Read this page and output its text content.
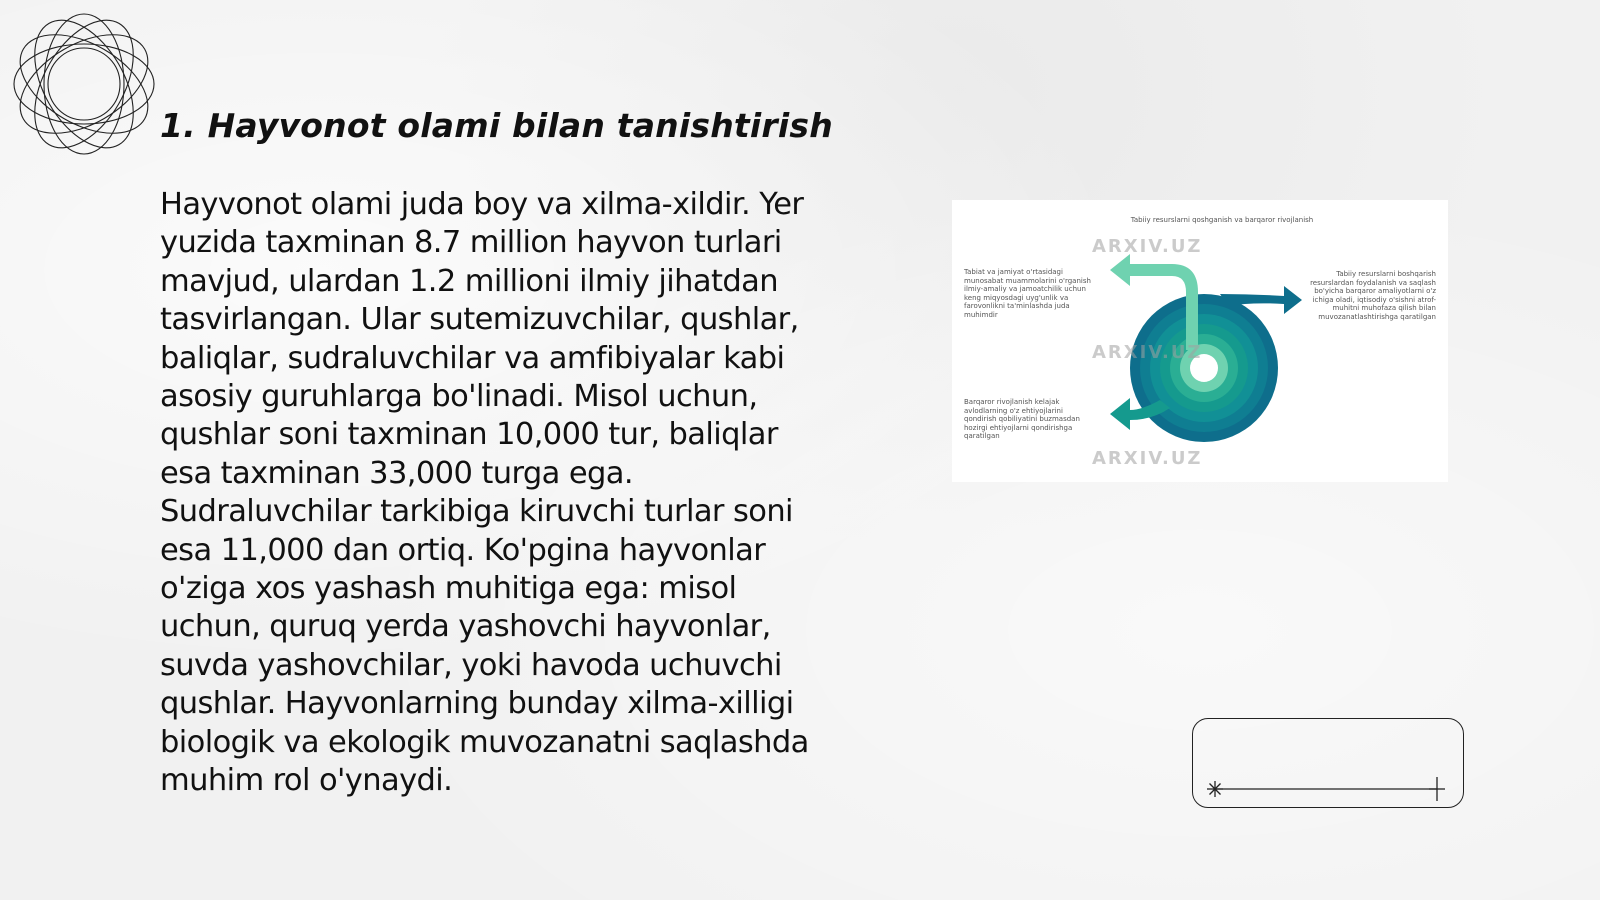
1. Hayvonot olami bilan tanishtirish
Hayvonot olami juda boy va xilma-xildir. Yer
yuzida taxminan 8.7 million hayvon turlari
mavjud, ulardan 1.2 millioni ilmiy jihatdan
tasvirlangan. Ular sutemizuvchilar, qushlar,
baliqlar, sudraluvchilar va amfibiyalar kabi
asosiy guruhlarga bo'linadi. Misol uchun,
qushlar soni taxminan 10,000 tur, baliqlar
esa taxminan 33,000 turga ega.
Sudraluvchilar tarkibiga kiruvchi turlar soni
esa 11,000 dan ortiq. Ko'pgina hayvonlar
o'ziga xos yashash muhitiga ega: misol
uchun, quruq yerda yashovchi hayvonlar,
suvda yashovchilar, yoki havoda uchuvchi
qushlar. Hayvonlarning bunday xilma-xilligi
biologik va ekologik muvozanatni saqlashda
muhim rol o'ynaydi.
Tabiiy resurslarni qoshganish va barqaror rivojlanish
Tabiat va jamiyat o'rtasidagi munosabat muammolarini o'rganish ilmiy-amaliy va jamoatchilik uchun keng miqyosdagi uyg'unlik va farovonlikni ta'minlashda juda muhimdir
Tabiiy resurslarni boshqarish resurslardan foydalanish va saqlash bo'yicha barqaror amaliyotlarni o'z ichiga oladi, iqtisodiy o'sishni atrof-muhitni muhofaza qilish bilan muvozanatlashtirishga qaratilgan
Barqaror rivojlanish kelajak avlodlarning o'z ehtiyojlarini qondirish qobiliyatini buzmasdan hozirgi ehtiyojlarni qondirishga qaratilgan
ARXIV.UZ
ARXIV.UZ
ARXIV.UZ
